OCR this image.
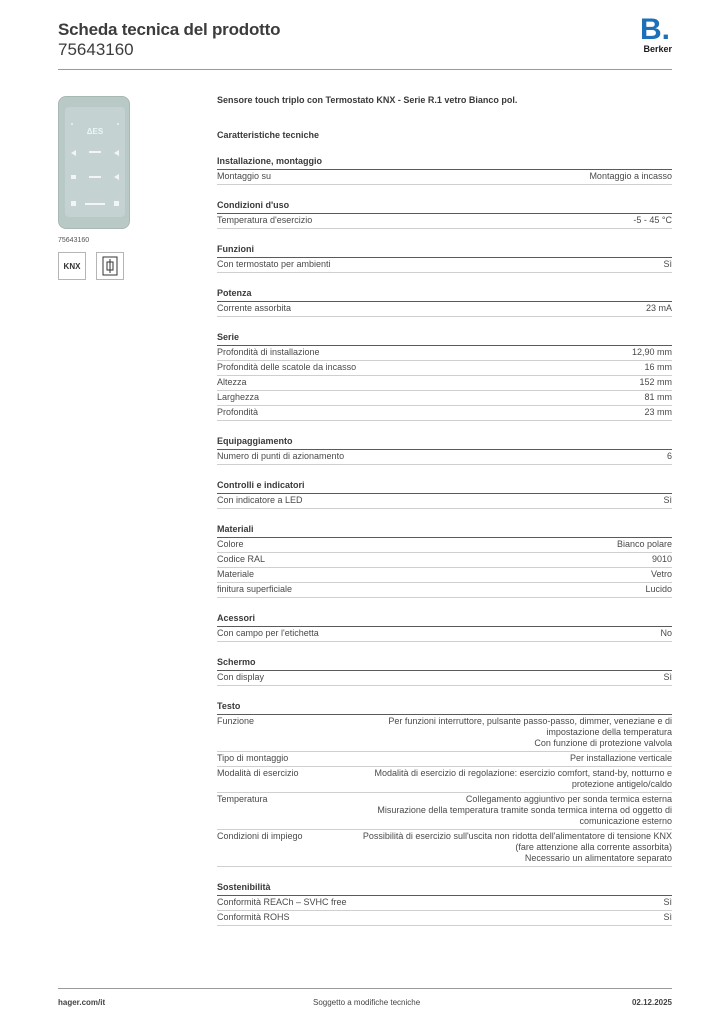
Scheda tecnica del prodotto
75643160
B.
Berker
ΔES
75643160
KNX
Sensore touch triplo con Termostato KNX - Serie R.1 vetro Bianco pol.
Caratteristiche tecniche
Installazione, montaggio
Montaggio su	Montaggio a incasso
Condizioni d'uso
Temperatura d'esercizio	-5 - 45 °C
Funzioni
Con termostato per ambienti	Sì
Potenza
Corrente assorbita	23 mA
Serie
Profondità di installazione	12,90 mm
Profondità delle scatole da incasso	16 mm
Altezza	152 mm
Larghezza	81 mm
Profondità	23 mm
Equipaggiamento
Numero di punti di azionamento	6
Controlli e indicatori
Con indicatore a LED	Sì
Materiali
Colore	Bianco polare
Codice RAL	9010
Materiale	Vetro
finitura superficiale	Lucido
Acessori
Con campo per l'etichetta	No
Schermo
Con display	Sì
Testo
Funzione	Per funzioni interruttore, pulsante passo-passo, dimmer, veneziane e di impostazione della temperatura
Con funzione di protezione valvola
Tipo di montaggio	Per installazione verticale
Modalità di esercizio	Modalità di esercizio di regolazione: esercizio comfort, stand-by, notturno e protezione antigelo/caldo
Temperatura	Collegamento aggiuntivo per sonda termica esterna
Misurazione della temperatura tramite sonda termica interna od oggetto di comunicazione esterno
Condizioni di impiego	Possibilità di esercizio sull'uscita non ridotta dell'alimentatore di tensione KNX (fare attenzione alla corrente assorbita)
Necessario un alimentatore separato
Sostenibilità
Conformità REACh – SVHC free	Sì
Conformità ROHS	Sì
hager.com/it	Soggetto a modifiche tecniche	02.12.2025
